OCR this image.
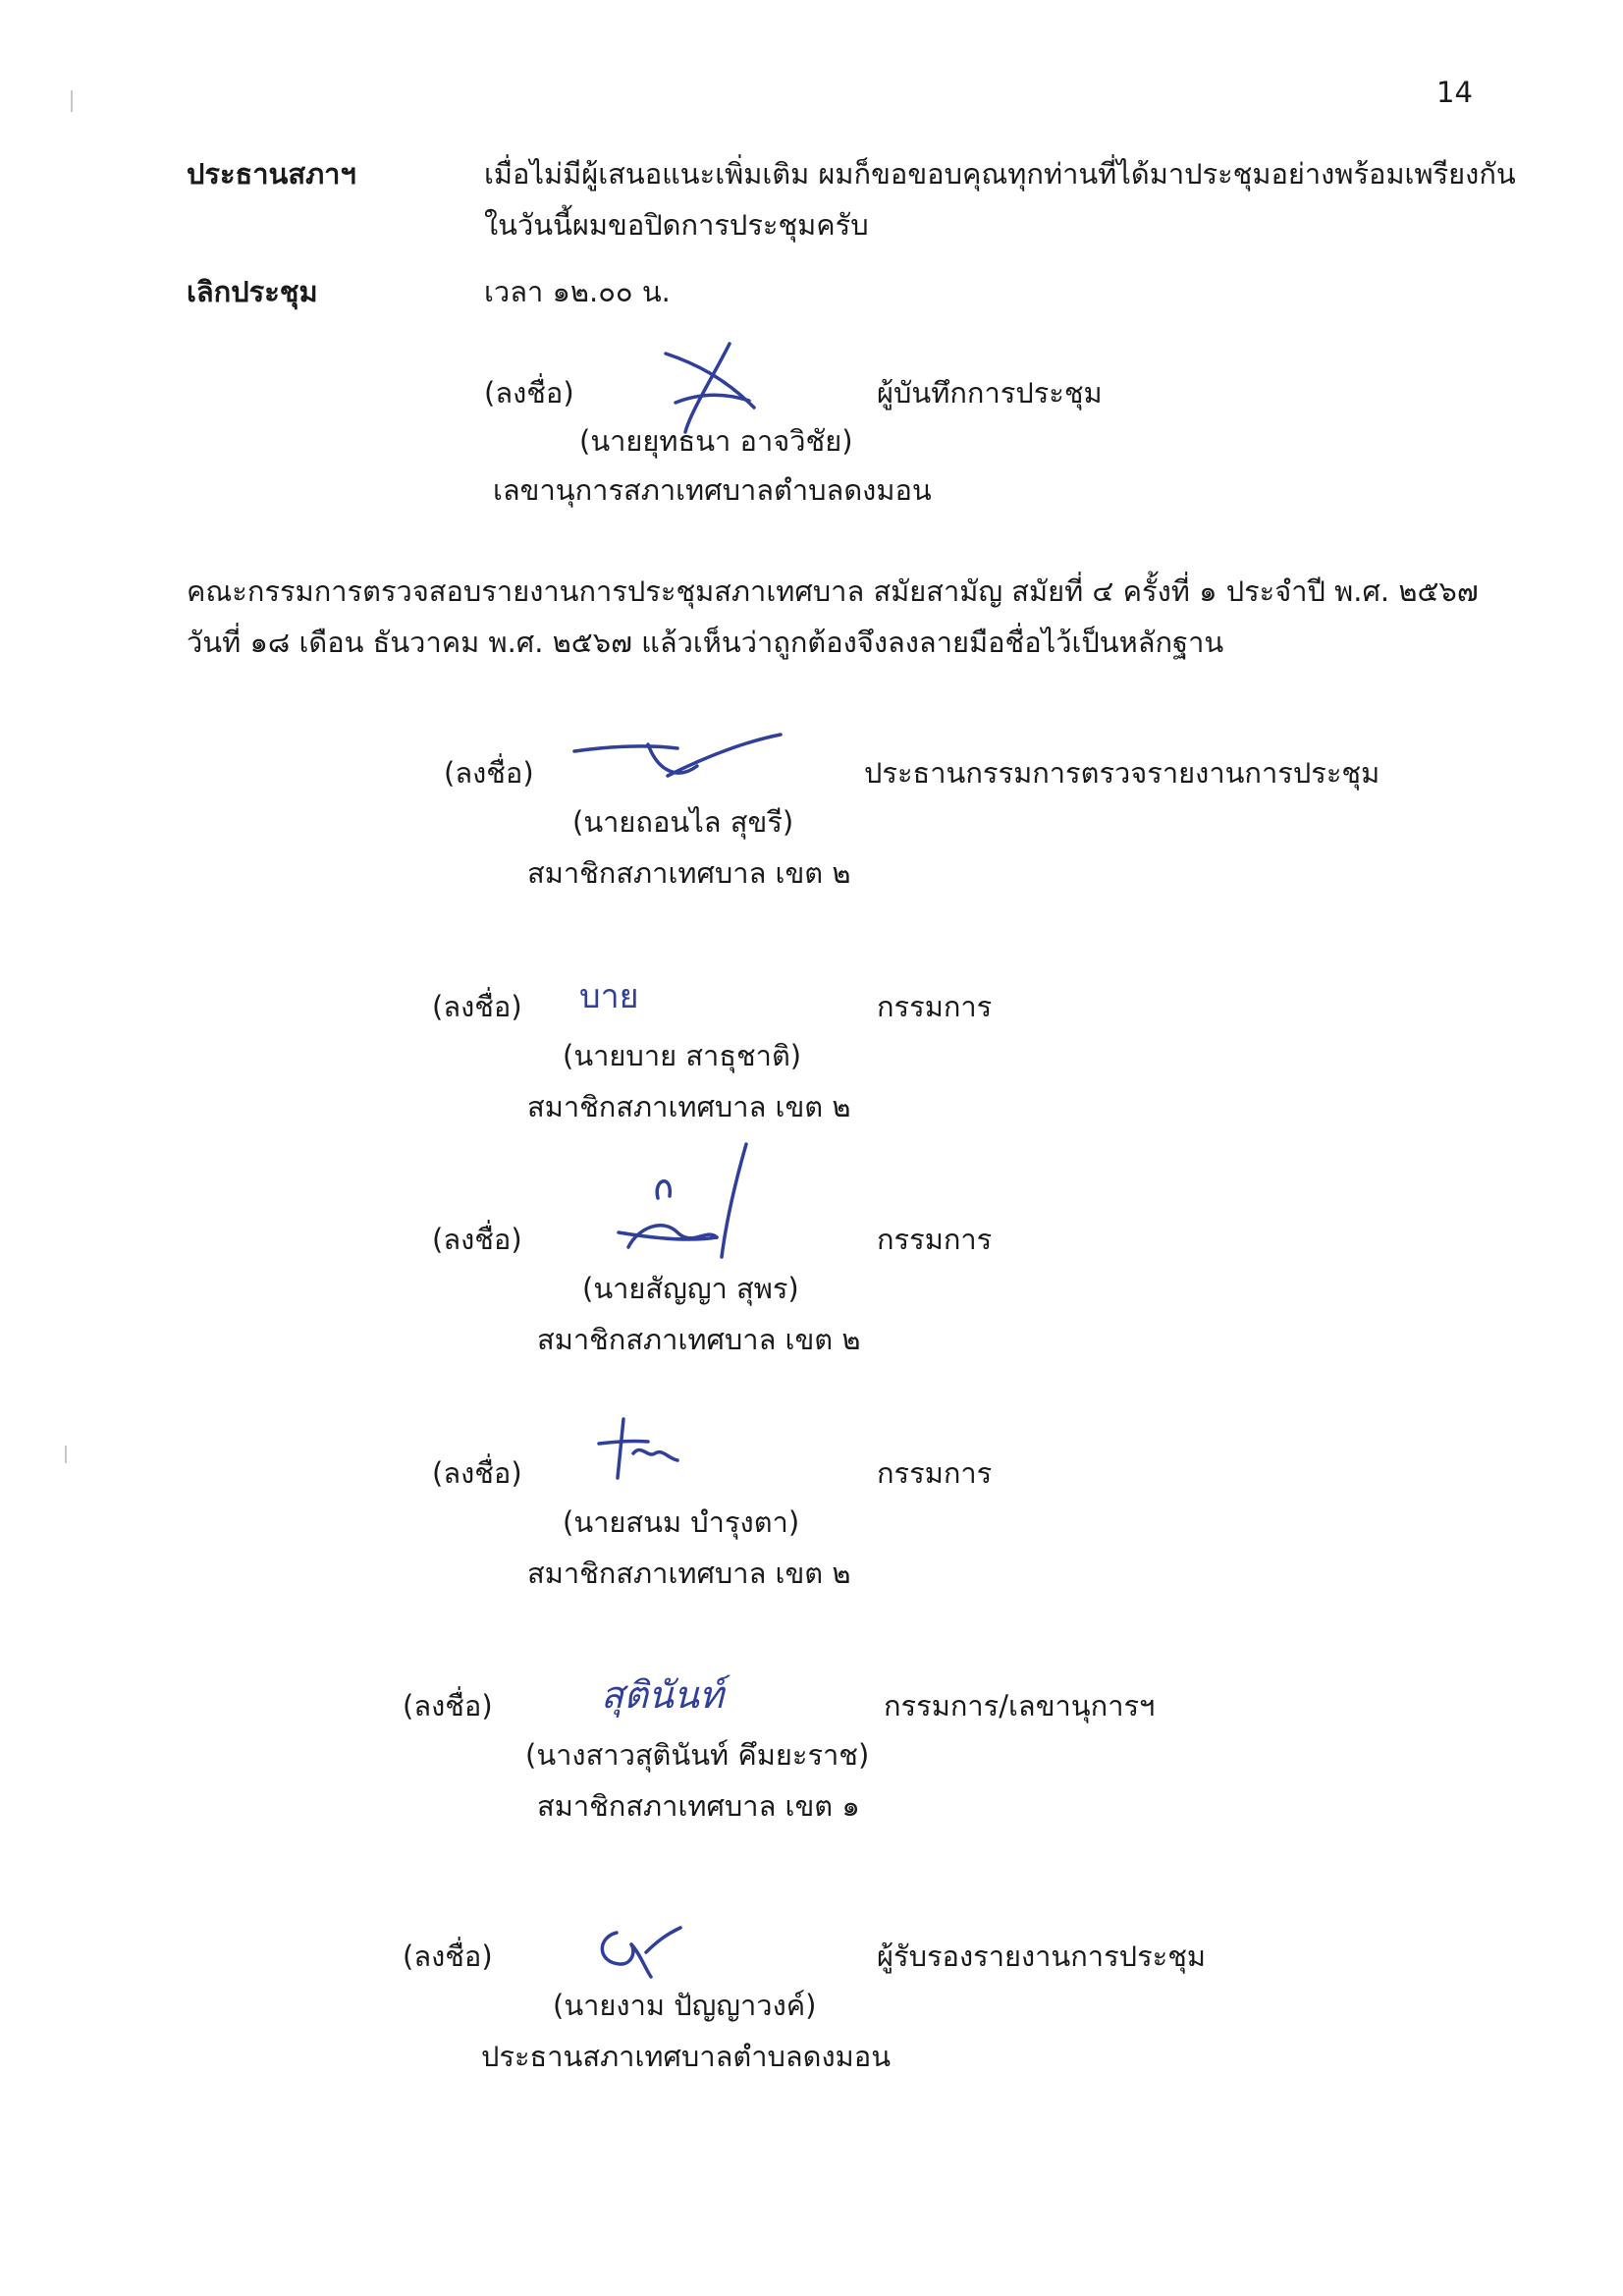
14
ประธานสภาฯ	เมื่อไม่มีผู้เสนอแนะเพิ่มเติม ผมก็ขอขอบคุณทุกท่านที่ได้มาประชุมอย่างพร้อมเพรียงกัน
ในวันนี้ผมขอปิดการประชุมครับ
เลิกประชุม	เวลา ๑๒.๐๐ น.
(ลงชื่อ)	ผู้บันทึกการประชุม
(นายยุทธนา อาจวิชัย)
เลขานุการสภาเทศบาลตำบลดงมอน
คณะกรรมการตรวจสอบรายงานการประชุมสภาเทศบาล สมัยสามัญ สมัยที่ ๔ ครั้งที่ ๑ ประจำปี พ.ศ. ๒๕๖๗
วันที่ ๑๘ เดือน ธันวาคม พ.ศ. ๒๕๖๗ แล้วเห็นว่าถูกต้องจึงลงลายมือชื่อไว้เป็นหลักฐาน
(ลงชื่อ)	ประธานกรรมการตรวจรายงานการประชุม
(นายถอนไล สุขรี)
สมาชิกสภาเทศบาล เขต ๒
(ลงชื่อ) บาย	กรรมการ
(นายบาย สาธุชาติ)
สมาชิกสภาเทศบาล เขต ๒
(ลงชื่อ)	กรรมการ
(นายสัญญา สุพร)
สมาชิกสภาเทศบาล เขต ๒
(ลงชื่อ)	กรรมการ
(นายสนม บำรุงตา)
สมาชิกสภาเทศบาล เขต ๒
(ลงชื่อ)	สุตินันท์	กรรมการ/เลขานุการฯ
(นางสาวสุตินันท์ คึมยะราช)
สมาชิกสภาเทศบาล เขต ๑
(ลงชื่อ)	ผู้รับรองรายงานการประชุม
(นายงาม ปัญญาวงค์)
ประธานสภาเทศบาลตำบลดงมอน
